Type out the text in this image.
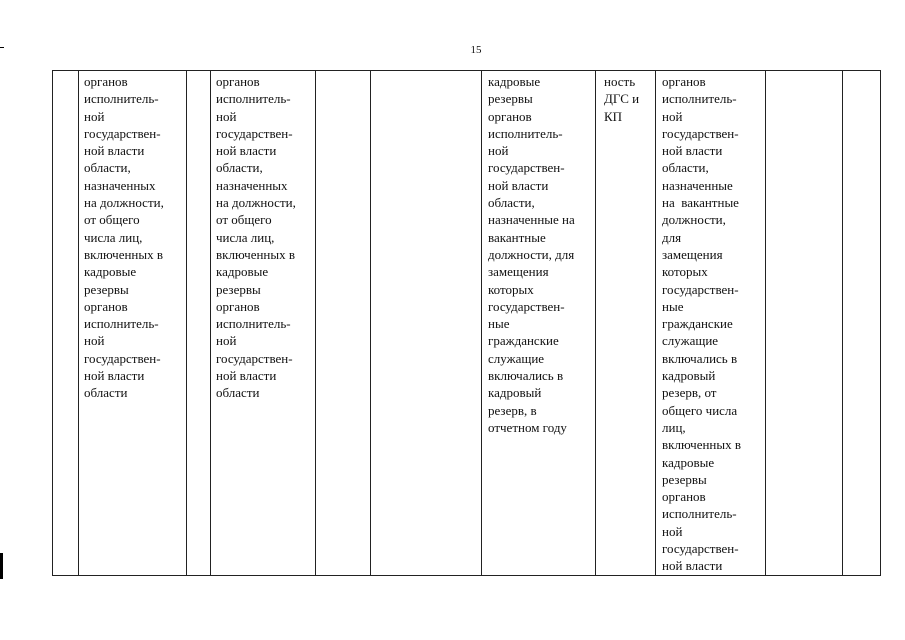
15
органов
исполнитель-
ной
государствен-
ной власти
области,
назначенных
на должности,
от общего
числа лиц,
включенных в
кадровые
резервы
органов
исполнитель-
ной
государствен-
ной власти
области
органов
исполнитель-
ной
государствен-
ной власти
области,
назначенных
на должности,
от общего
числа лиц,
включенных в
кадровые
резервы
органов
исполнитель-
ной
государствен-
ной власти
области
кадровые
резервы
органов
исполнитель-
ной
государствен-
ной власти
области,
назначенные на
вакантные
должности, для
замещения
которых
государствен-
ные
гражданские
служащие
включались в
кадровый
резерв, в
отчетном году
ность
ДГС и
КП
органов
исполнитель-
ной
государствен-
ной власти
области,
назначенные
на  вакантные
должности,
для
замещения
которых
государствен-
ные
гражданские
служащие
включались в
кадровый
резерв, от
общего числа
лиц,
включенных в
кадровые
резервы
органов
исполнитель-
ной
государствен-
ной власти
